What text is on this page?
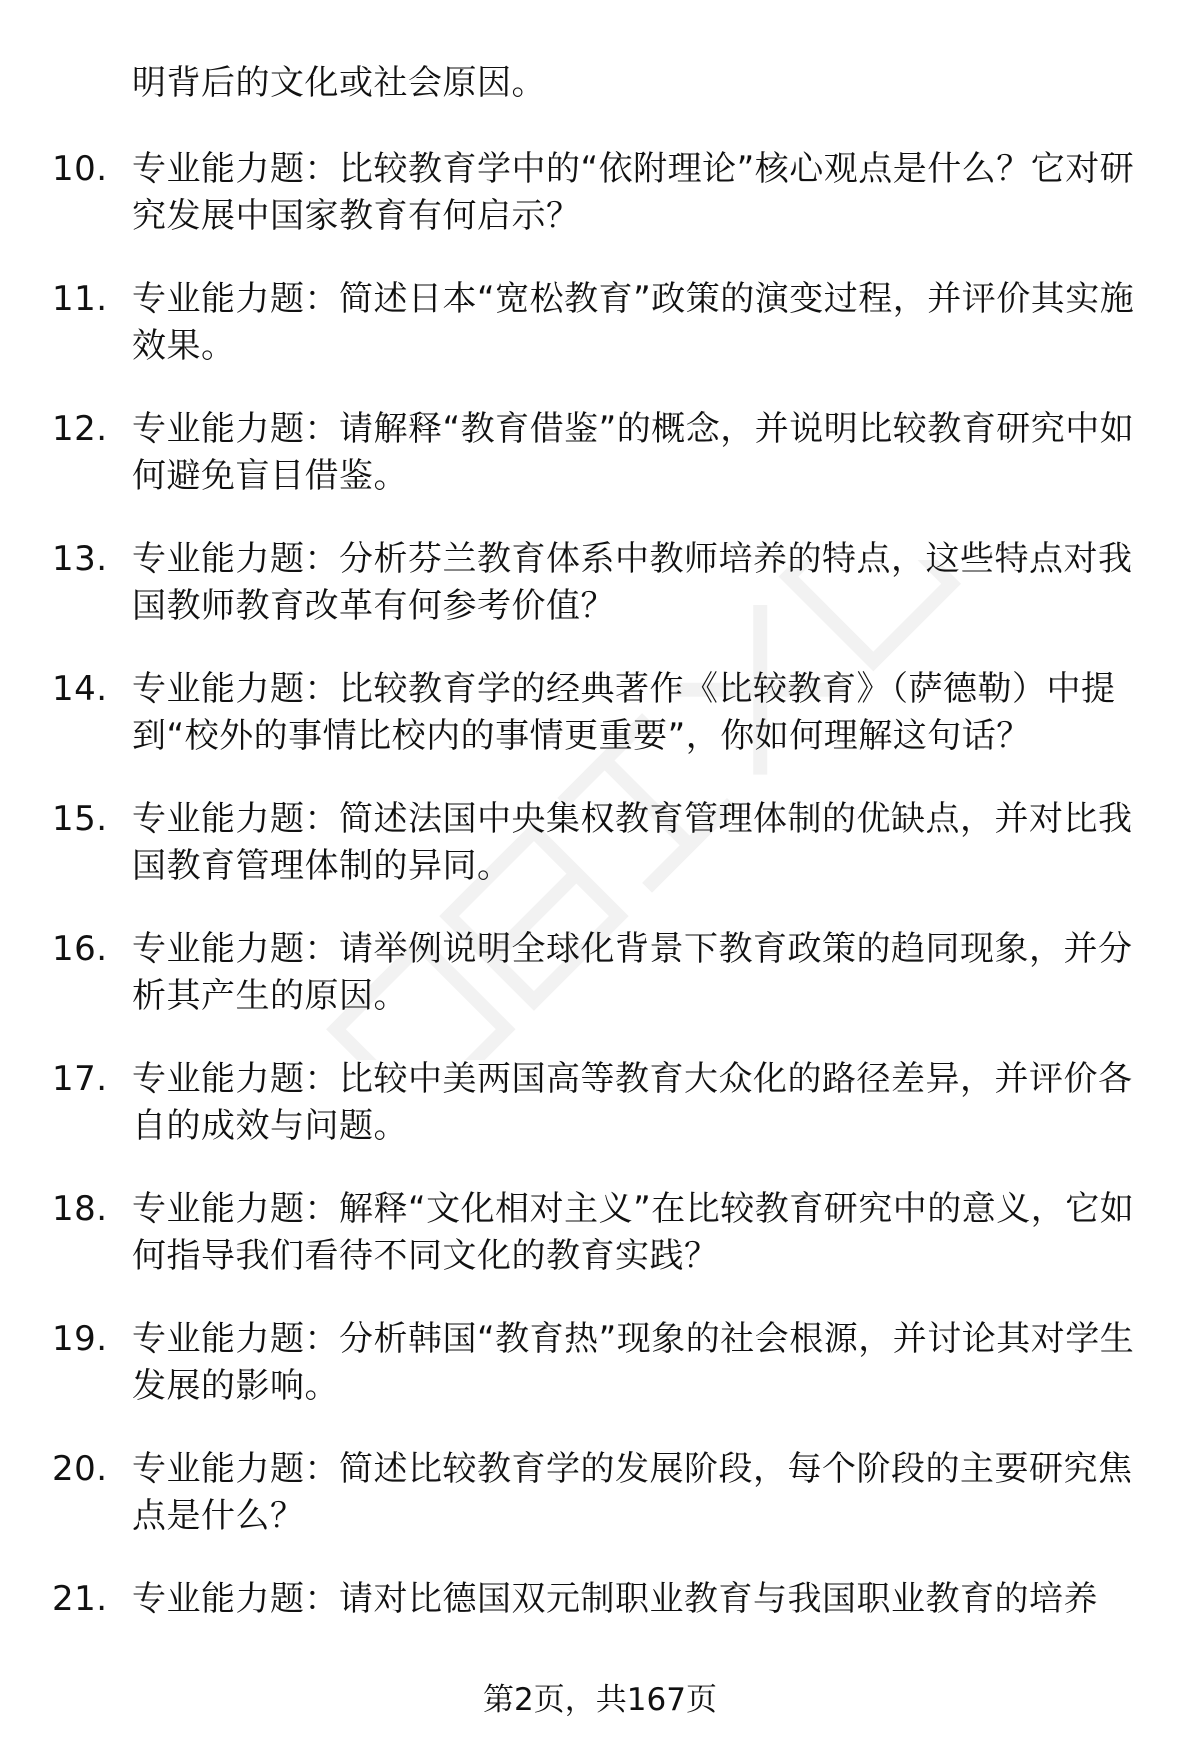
明背后的文化或社会原因。
10. 专业能力题：比较教育学中的“依附理论”核心观点是什么？它对研究发展中国家教育有何启示？
11. 专业能力题：简述日本“宽松教育”政策的演变过程，并评价其实施效果。
12. 专业能力题：请解释“教育借鉴”的概念，并说明比较教育研究中如何避免盲目借鉴。
13. 专业能力题：分析芬兰教育体系中教师培养的特点，这些特点对我国教师教育改革有何参考价值？
14. 专业能力题：比较教育学的经典著作《比较教育》（萨德勒）中提到“校外的事情比校内的事情更重要”，你如何理解这句话？
15. 专业能力题：简述法国中央集权教育管理体制的优缺点，并对比我国教育管理体制的异同。
16. 专业能力题：请举例说明全球化背景下教育政策的趋同现象，并分析其产生的原因。
17. 专业能力题：比较中美两国高等教育大众化的路径差异，并评价各自的成效与问题。
18. 专业能力题：解释“文化相对主义”在比较教育研究中的意义，它如何指导我们看待不同文化的教育实践？
19. 专业能力题：分析韩国“教育热”现象的社会根源，并讨论其对学生发展的影响。
20. 专业能力题：简述比较教育学的发展阶段，每个阶段的主要研究焦点是什么？
21. 专业能力题：请对比德国双元制职业教育与我国职业教育的培养
第2页，共167页
